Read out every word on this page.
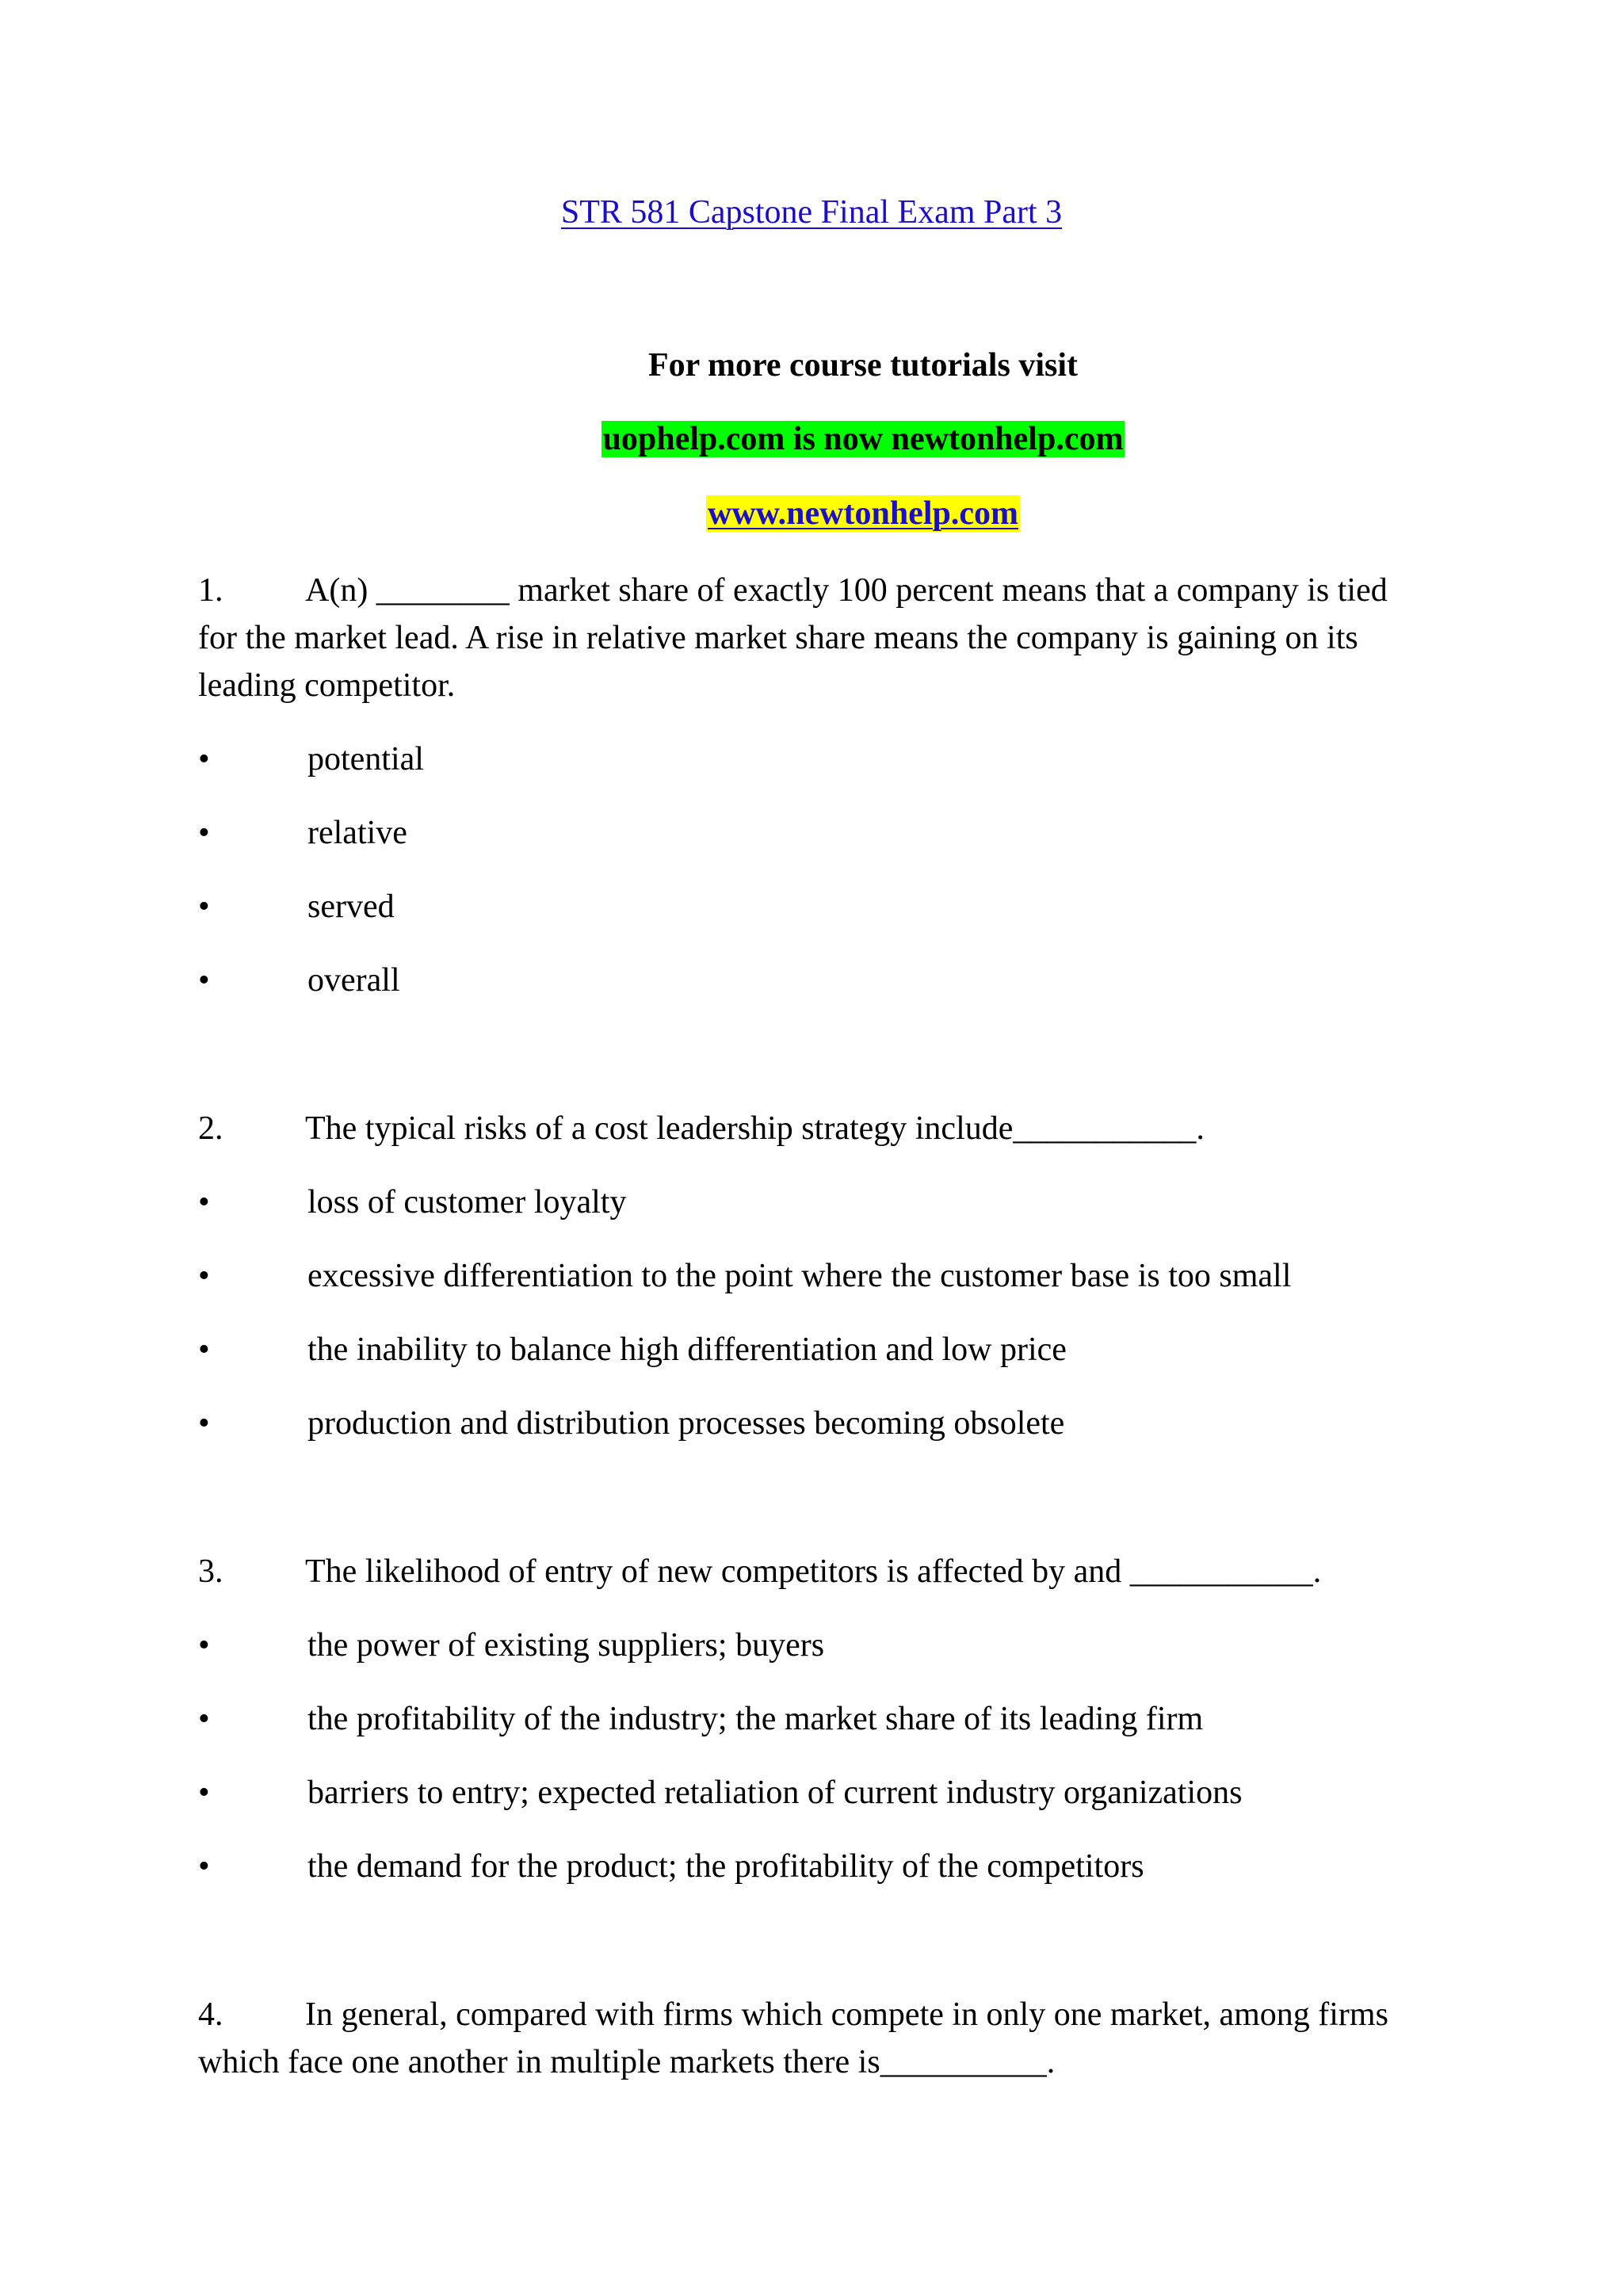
STR 581 Capstone Final Exam Part 3
For more course tutorials visit
uophelp.com is now newtonhelp.com
www.newtonhelp.com

1. A(n) ________ market share of exactly 100 percent means that a company is tied for the market lead. A rise in relative market share means the company is gaining on its leading competitor.

•	potential
•	relative
•	served
•	overall

2. The typical risks of a cost leadership strategy include___________.

•	loss of customer loyalty
•	excessive differentiation to the point where the customer base is too small
•	the inability to balance high differentiation and low price
•	production and distribution processes becoming obsolete

3. The likelihood of entry of new competitors is affected by and ___________.

•	the power of existing suppliers; buyers
•	the profitability of the industry; the market share of its leading firm
•	barriers to entry; expected retaliation of current industry organizations
•	the demand for the product; the profitability of the competitors

4. In general, compared with firms which compete in only one market, among firms which face one another in multiple markets there is__________.
